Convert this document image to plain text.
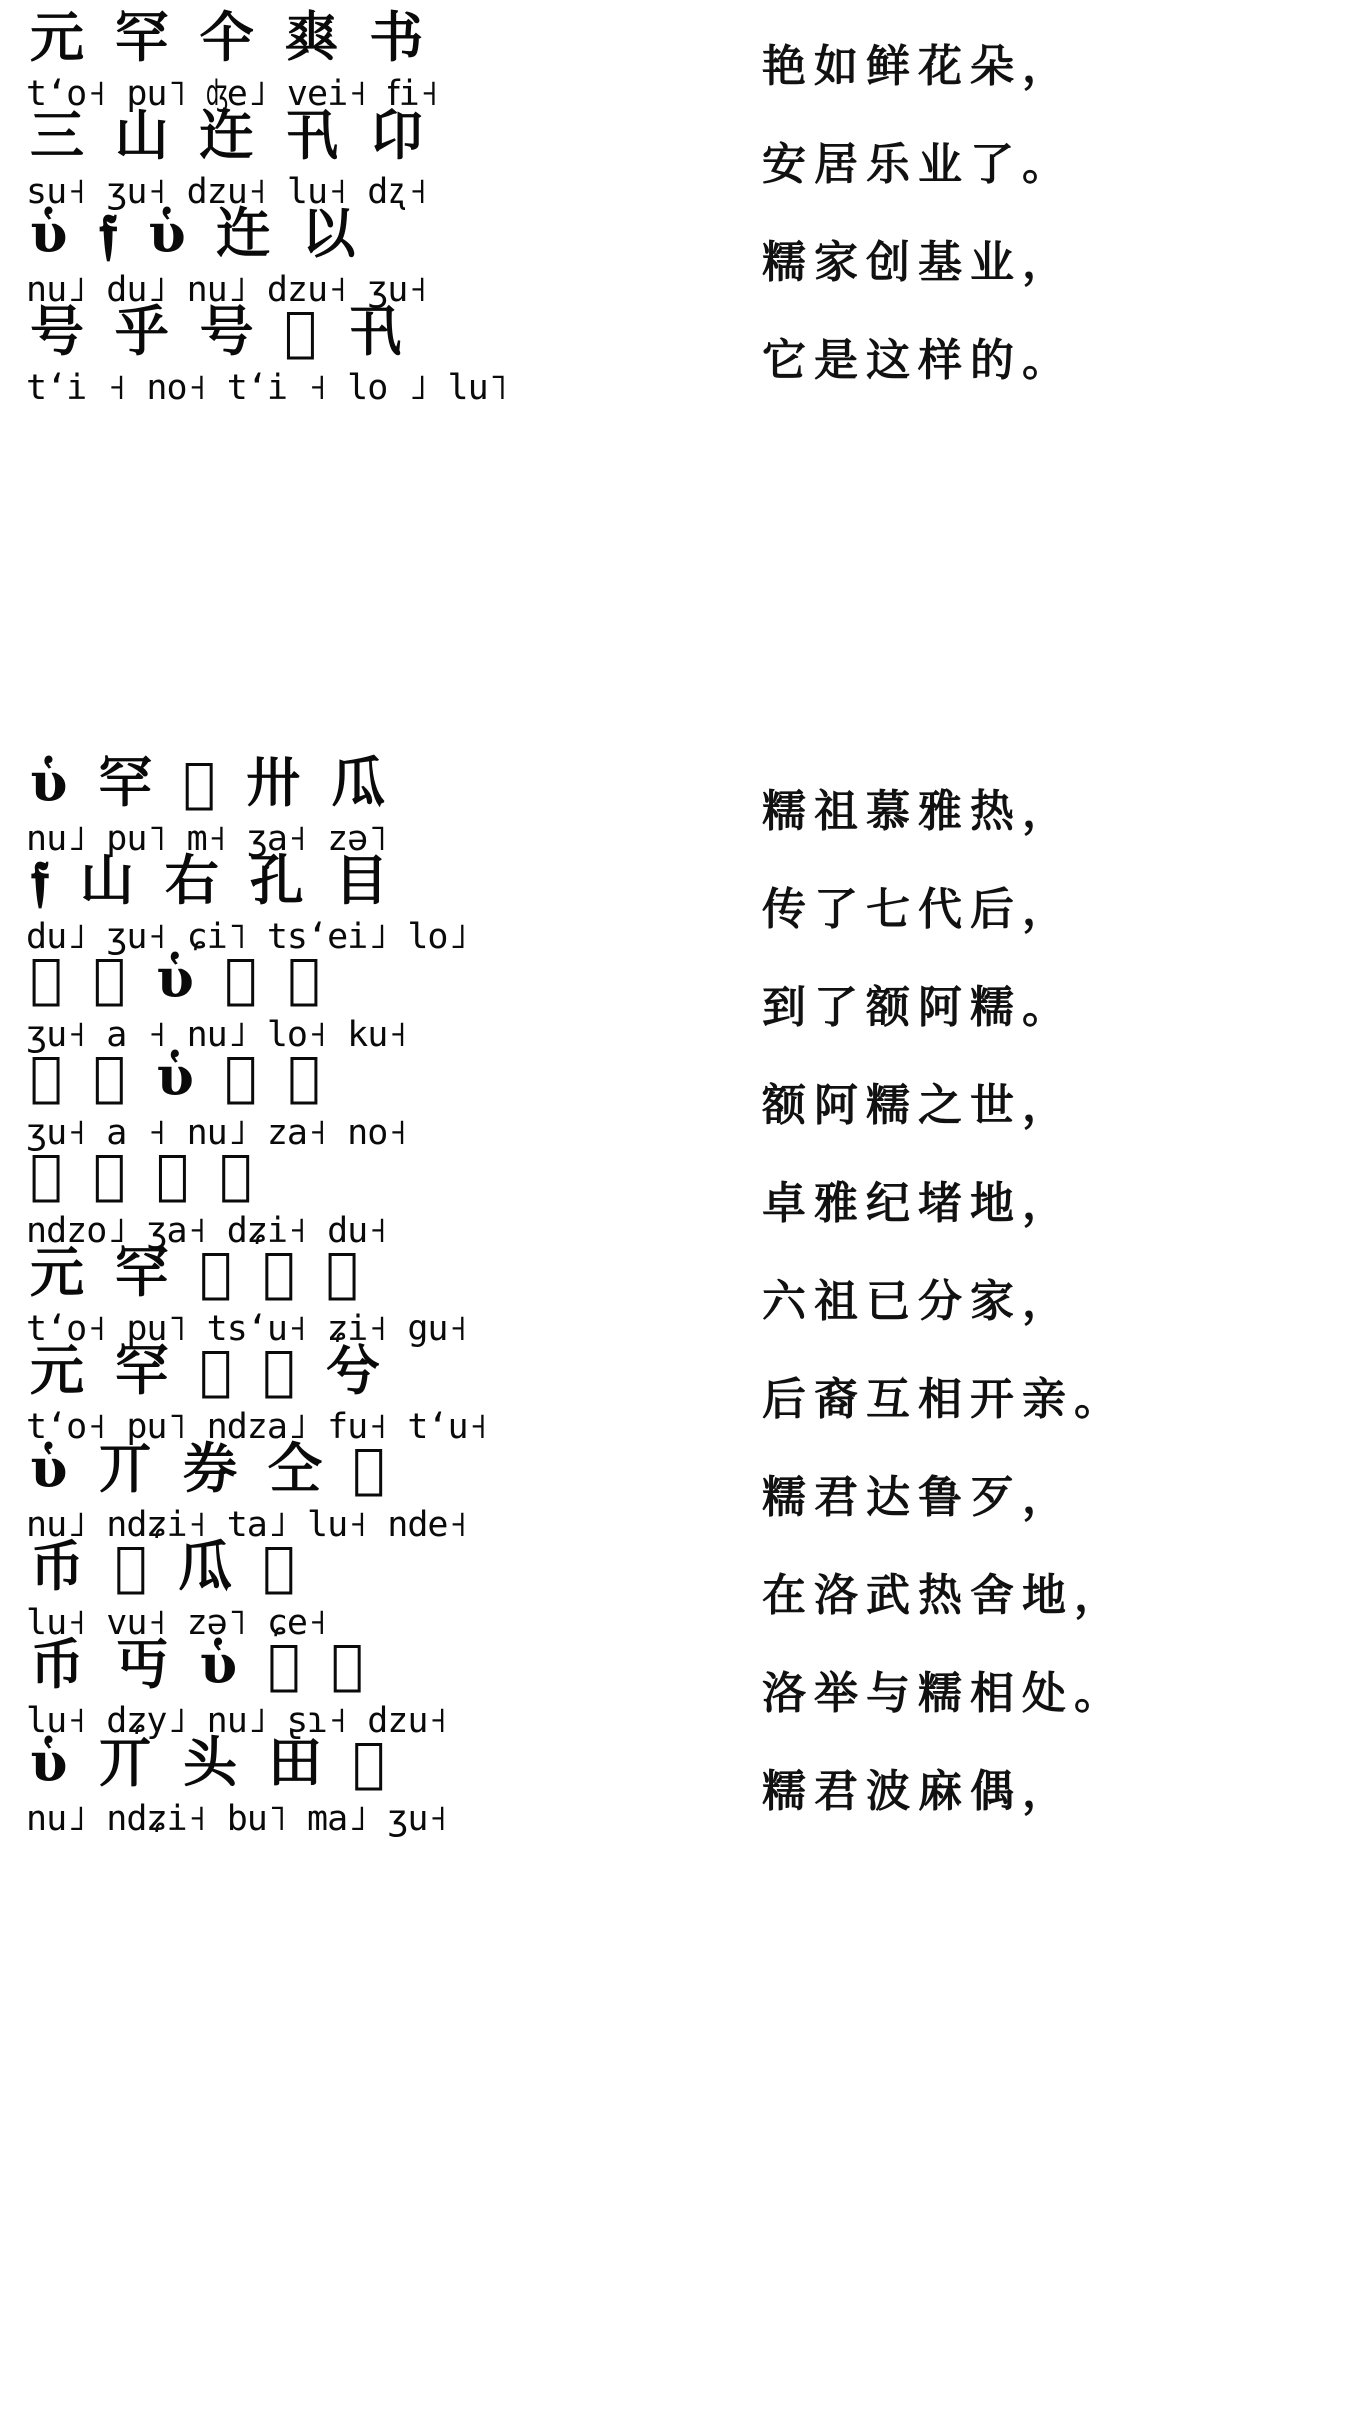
元 罕 仐 𤕤 书
tʻo˧ pu˥ ʤe˩ vei˧ 𝖿i˧
艳如鲜花朵，
三 山 迕 卂 卬
su˧ ʒu˧ dzu˧ lu˧ dʐ˧
安居乐业了。
ὑ 𝖋 ὑ 迕 以
nu˩ du˩ nu˩ dzu˧ ʒu˧
糯家创基业，
号 乎 号 𬫛 卂
tʻi ˧ no˧ tʻi ˧ lo ˩ lu˥
它是这样的。
ὑ 罕 𬫛 卅 瓜
nu˩ pu˥ m˧ ʒa˧ zə˥
糯祖慕雅热，
𝖋 山 右 孔 目
du˩ ʒu˧ ɕi˥ tsʻei˩ lo˩
传了七代后，
𬫛 万 ὑ 𬫛 岙
ʒu˧ a ˧ nu˩ lo˧ ku˧
到了额阿糯。
𬫛 万 ὑ 𬫛 乎
ʒu˧ a ˧ nu˩ za˧ no˧
额阿糯之世，
𬫛 卅 亐 𬫛
ndzo˩ ʒa˧ dʑi˧ du˧
卓雅纪堵地，
元 罕 𬫛 𝖋 𬫛
tʻo˧ pu˥ tsʻu˧ ʑi˧ gu˧
六祖已分家，
元 罕 𬫛 𬫛 兮
tʻo˧ pu˥ ndza˩ fu˧ tʻu˧
后裔互相开亲。
ὑ 丌 券 仝 𬫛
nu˩ ndʑi˧ ta˩ lu˧ nde˧
糯君达鲁歹，
币 𬫛 瓜 𬫛
lu˧ vu˧ zə˥ ɕe˧
在洛武热舍地，
币 丏 ὑ 𬫛 𬫛
lu˧ dʑy˩ nu˩ ʂɿ˧ dzu˧
洛举与糯相处。
ὑ 丌 头 田 𬫛
nu˩ ndʑi˧ bu˥ ma˩ ʒu˧
糯君波麻偶，
